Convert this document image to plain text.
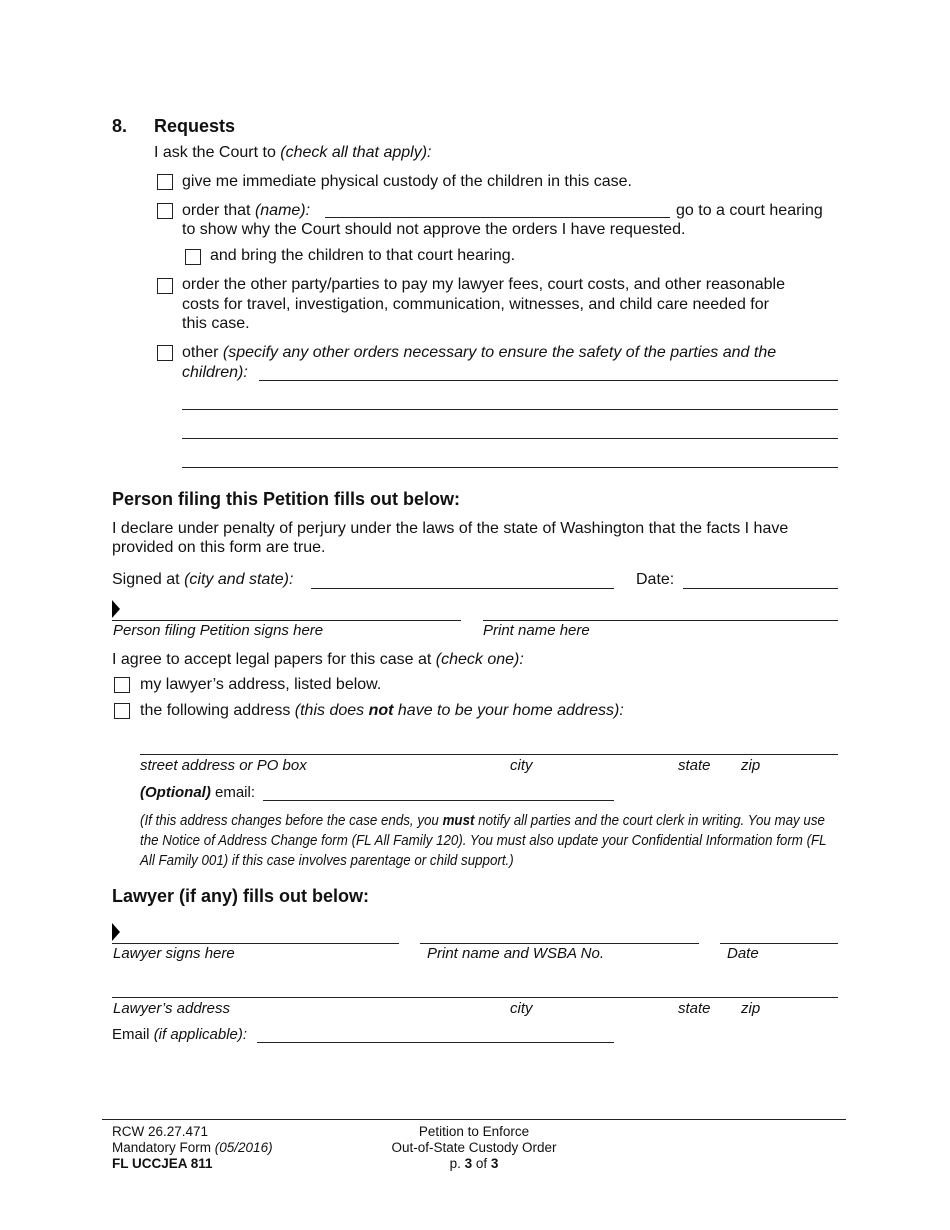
8. Requests
I ask the Court to (check all that apply):
give me immediate physical custody of the children in this case.
order that (name):	go to a court hearing
to show why the Court should not approve the orders I have requested.
and bring the children to that court hearing.
order the other party/parties to pay my lawyer fees, court costs, and other reasonable
costs for travel, investigation, communication, witnesses, and child care needed for
this case.
other (specify any other orders necessary to ensure the safety of the parties and the
children):
Person filing this Petition fills out below:
I declare under penalty of perjury under the laws of the state of Washington that the facts I have
provided on this form are true.
Signed at (city and state):	Date:
Person filing Petition signs here	Print name here
I agree to accept legal papers for this case at (check one):
my lawyer’s address, listed below.
the following address (this does not have to be your home address):
street address or PO box	city	state zip
(Optional) email:
(If this address changes before the case ends, you must notify all parties and the court clerk in writing. You may use the Notice of Address Change form (FL All Family 120). You must also update your Confidential Information form (FL All Family 001) if this case involves parentage or child support.)
Lawyer (if any) fills out below:
Lawyer signs here	Print name and WSBA No.	Date
Lawyer’s address	city	state zip
Email (if applicable):
RCW 26.27.471
Mandatory Form (05/2016)
FL UCCJEA 811
Petition to Enforce
Out-of-State Custody Order
p. 3 of 3
